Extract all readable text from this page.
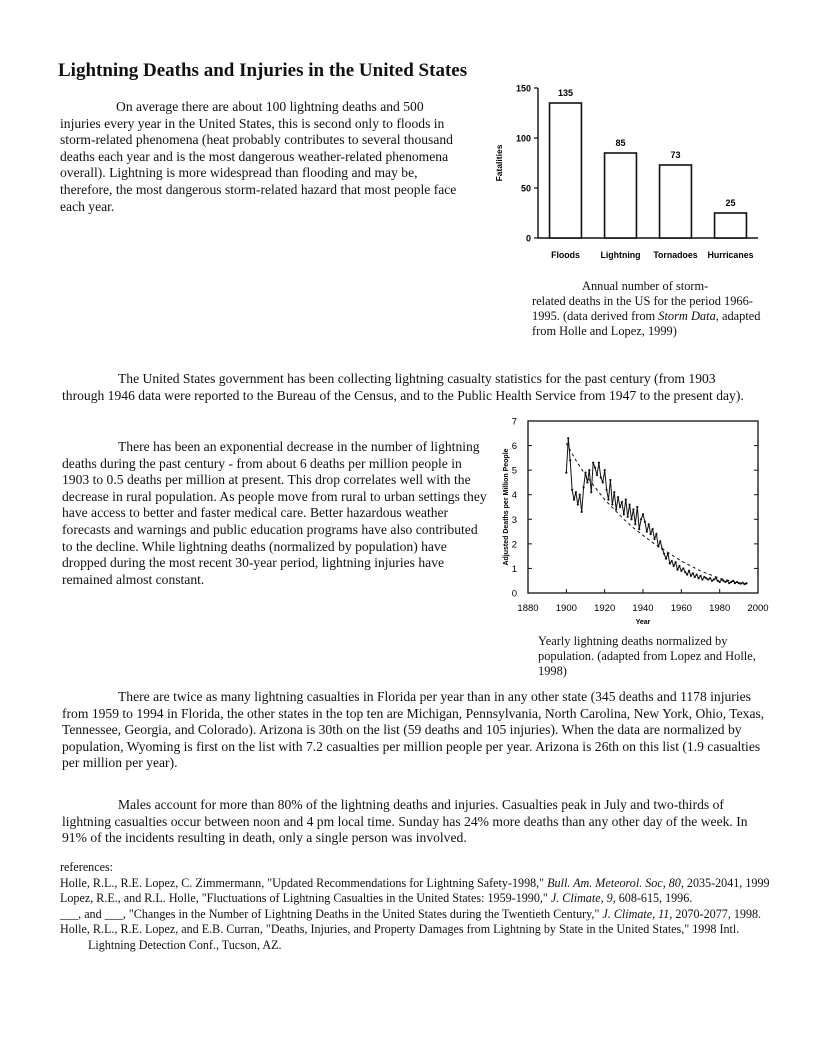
Lightning Deaths and Injuries in the United States

On average there are about 100 lightning deaths and 500 injuries every year in the United States, this is second only to floods in storm-related phenomena (heat probably contributes to several thousand deaths each year and is the most dangerous weather-related phenomena overall). Lightning is more widespread than flooding and may be, therefore, the most dangerous storm-related hazard that most people face each year.

0
50
100
150
Fatalities
135
Floods
85
Lightning
73
Tornadoes
25
Hurricanes

Annual number of storm-
related deaths in the US for the period 1966-1995. (data derived from Storm Data, adapted from Holle and Lopez, 1999)

The United States government has been collecting lightning casualty statistics for the past century (from 1903 through 1946 data were reported to the Bureau of the Census, and to the Public Health Service from 1947 to the present day).

There has been an exponential decrease in the number of lightning deaths during the past century - from about 6 deaths per million people in 1903 to 0.5 deaths per million at present. This drop correlates well with the decrease in rural population. As people move from rural to urban settings they have access to better and faster medical care. Better hazardous weather forecasts and warnings and public education programs have also contributed to the decline. While lightning deaths (normalized by population) have dropped during the most recent 30-year period, lightning injuries have remained almost constant.

0
1
2
3
4
5
6
7
1880 1900 1920 1940 1960 1980 2000
Year
Adjusted Deaths per Million People

Yearly lightning deaths normalized by population. (adapted from Lopez and Holle, 1998)

There are twice as many lightning casualties in Florida per year than in any other state (345 deaths and 1178 injuries from 1959 to 1994 in Florida, the other states in the top ten are Michigan, Pennsylvania, North Carolina, New York, Ohio, Texas, Tennessee, Georgia, and Colorado). Arizona is 30th on the list (59 deaths and 105 injuries). When the data are normalized by population, Wyoming is first on the list with 7.2 casualties per million people per year. Arizona is 26th on this list (1.9 casualties per million per year).

Males account for more than 80% of the lightning deaths and injuries. Casualties peak in July and two-thirds of lightning casualties occur between noon and 4 pm local time. Sunday has 24% more deaths than any other day of the week. In 91% of the incidents resulting in death, only a single person was involved.

references:

Holle, R.L., R.E. Lopez, C. Zimmermann, "Updated Recommendations for Lightning Safety-1998," Bull. Am. Meteorol. Soc, 80, 2035-2041, 1999

Lopez, R.E., and R.L. Holle, "Fluctuations of Lightning Casualties in the United States: 1959-1990," J. Climate, 9, 608-615, 1996.

___, and ___, "Changes in the Number of Lightning Deaths in the United States during the Twentieth Century," J. Climate, 11, 2070-2077, 1998.

Holle, R.L., R.E. Lopez, and E.B. Curran, "Deaths, Injuries, and Property Damages from Lightning by State in the United States," 1998 Intl. Lightning Detection Conf., Tucson, AZ.
